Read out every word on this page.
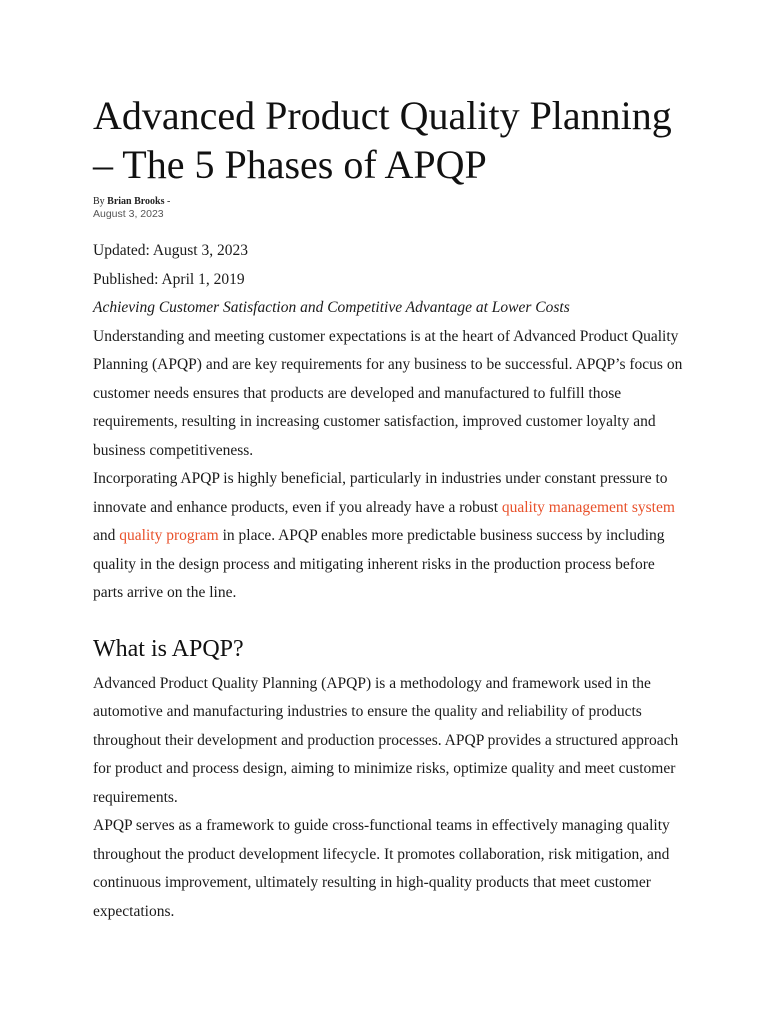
Advanced Product Quality Planning – The 5 Phases of APQP
By Brian Brooks -
August 3, 2023

Updated: August 3, 2023

Published: April 1, 2019

Achieving Customer Satisfaction and Competitive Advantage at Lower Costs

Understanding and meeting customer expectations is at the heart of Advanced Product Quality Planning (APQP) and are key requirements for any business to be successful. APQP’s focus on customer needs ensures that products are developed and manufactured to fulfill those requirements, resulting in increasing customer satisfaction, improved customer loyalty and business competitiveness.

Incorporating APQP is highly beneficial, particularly in industries under constant pressure to innovate and enhance products, even if you already have a robust quality management system and quality program in place. APQP enables more predictable business success by including quality in the design process and mitigating inherent risks in the production process before parts arrive on the line.

What is APQP?

Advanced Product Quality Planning (APQP) is a methodology and framework used in the automotive and manufacturing industries to ensure the quality and reliability of products throughout their development and production processes. APQP provides a structured approach for product and process design, aiming to minimize risks, optimize quality and meet customer requirements.

APQP serves as a framework to guide cross-functional teams in effectively managing quality throughout the product development lifecycle. It promotes collaboration, risk mitigation, and continuous improvement, ultimately resulting in high-quality products that meet customer expectations.
